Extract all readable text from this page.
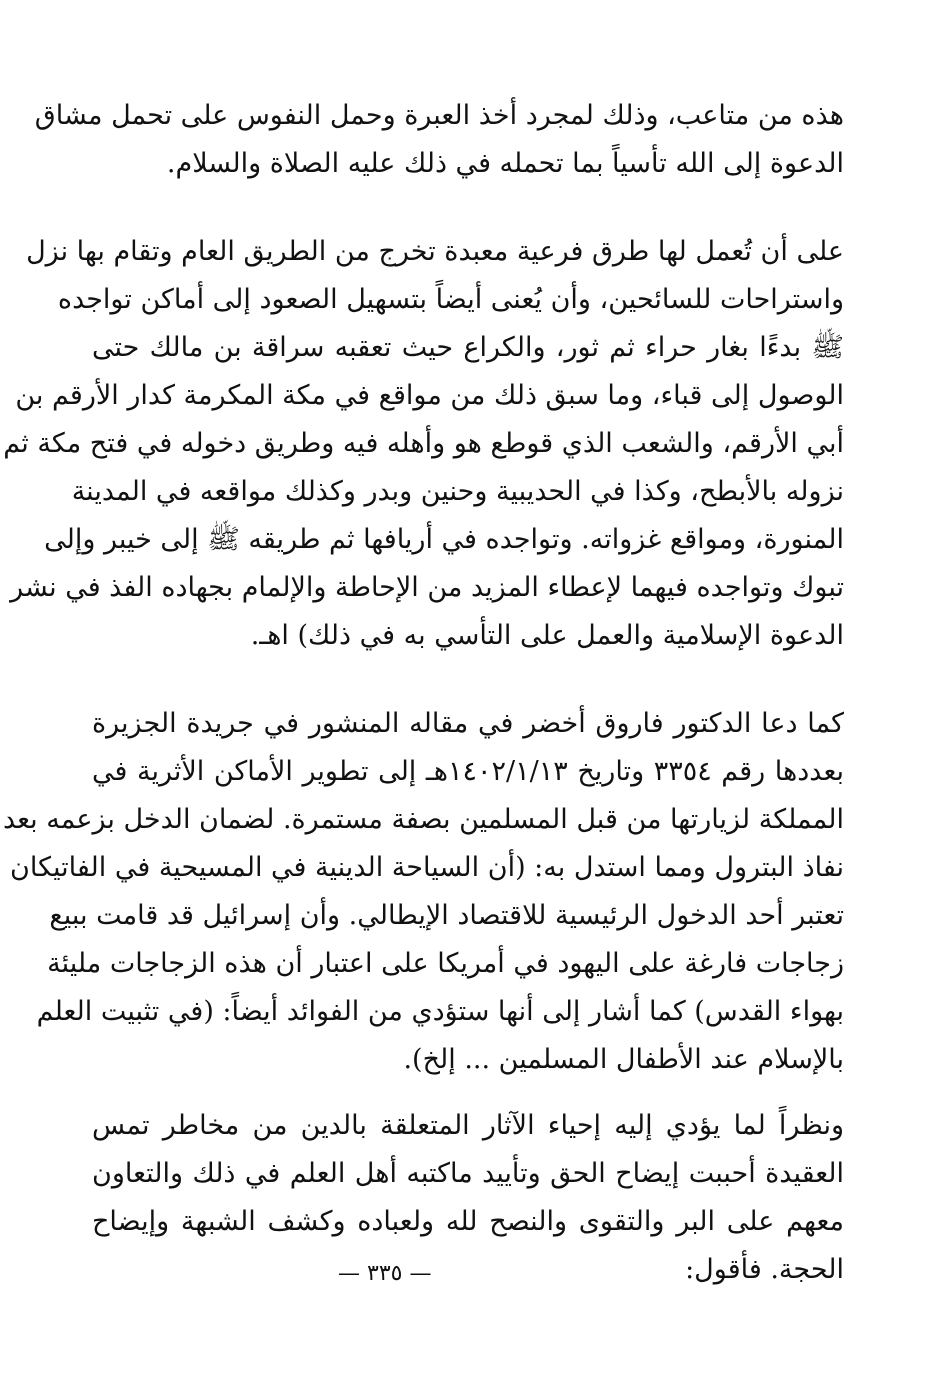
هذه من متاعب، وذلك لمجرد أخذ العبرة وحمل النفوس على تحمل مشاق
الدعوة إلى الله تأسياً بما تحمله في ذلك عليه الصلاة والسلام.
على أن تُعمل لها طرق فرعية معبدة تخرج من الطريق العام وتقام بها نزل
واستراحات للسائحين، وأن يُعنى أيضاً بتسهيل الصعود إلى أماكن تواجده
ﷺ بدءًا بغار حراء ثم ثور، والكراع حيث تعقبه سراقة بن مالك حتى
الوصول إلى قباء، وما سبق ذلك من مواقع في مكة المكرمة كدار الأرقم بن
أبي الأرقم، والشعب الذي قوطع هو وأهله فيه وطريق دخوله في فتح مكة ثم
نزوله بالأبطح، وكذا في الحديبية وحنين وبدر وكذلك مواقعه في المدينة
المنورة، ومواقع غزواته. وتواجده في أريافها ثم طريقه ﷺ إلى خيبر وإلى
تبوك وتواجده فيهما لإعطاء المزيد من الإحاطة والإلمام بجهاده الفذ في نشر
الدعوة الإسلامية والعمل على التأسي به في ذلك) اهـ.
كما دعا الدكتور فاروق أخضر في مقاله المنشور في جريدة الجزيرة
بعددها رقم ٣٣٥٤ وتاريخ ١٤٠٢/١/١٣هـ إلى تطوير الأماكن الأثرية في
المملكة لزيارتها من قبل المسلمين بصفة مستمرة. لضمان الدخل بزعمه بعد
نفاذ البترول ومما استدل به: (أن السياحة الدينية في المسيحية في الفاتيكان
تعتبر أحد الدخول الرئيسية للاقتصاد الإيطالي. وأن إسرائيل قد قامت ببيع
زجاجات فارغة على اليهود في أمريكا على اعتبار أن هذه الزجاجات مليئة
بهواء القدس) كما أشار إلى أنها ستؤدي من الفوائد أيضاً: (في تثبيت العلم
بالإسلام عند الأطفال المسلمين ... إلخ).
ونظراً لما يؤدي إليه إحياء الآثار المتعلقة بالدين من مخاطر تمس
العقيدة أحببت إيضاح الحق وتأييد ماكتبه أهل العلم في ذلك والتعاون
معهم على البر والتقوى والنصح لله ولعباده وكشف الشبهة وإيضاح
الحجة. فأقول:
— ٣٣٥ —
